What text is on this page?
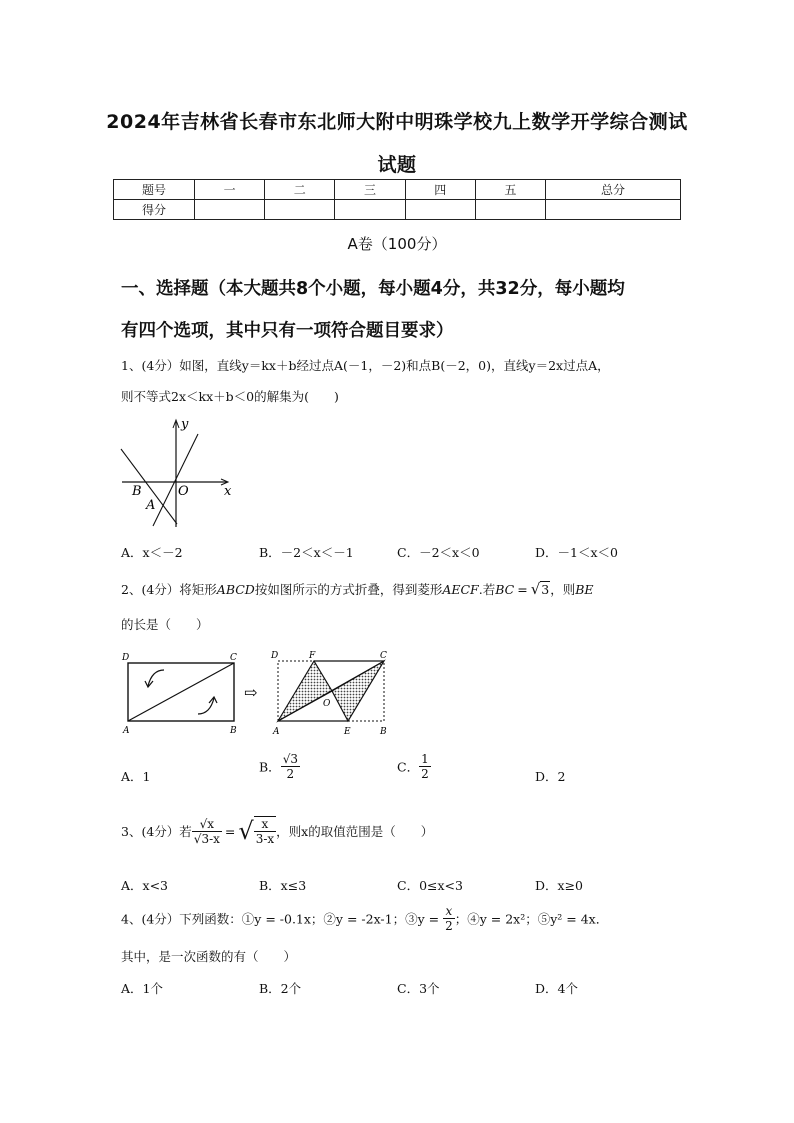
2024年吉林省长春市东北师大附中明珠学校九上数学开学综合测试
试题
题号	一	二	三	四	五	总分
得分						
A卷（100分）
一、选择题（本大题共8个小题，每小题4分，共32分，每小题均
有四个选项，其中只有一项符合题目要求）
1、(4分）如图，直线y＝kx＋b经过点A(－1，－2)和点B(－2，0)，直线y＝2x过点A，
则不等式2x＜kx＋b＜0的解集为(　　)
y
x
B	O
A
A．x＜－2	B．－2＜x＜－1	C．－2＜x＜0	D．－1＜x＜0
2、(4分）将矩形ABCD按如图所示的方式折叠，得到菱形AECF.若BC = √3，则BE
的长是（　　）
D	C
A	B
⇨
D	F	C
O
A	E	B
A．1
B． $\frac{√3}{2}$	C． $\frac{1}{2}$	D．2
3、(4分）若 $\frac{√x}{√3-x}$ = √ $\frac{x}{3-x}$ ，则x的取值范围是（　　）
A．x<3	B．x≤3	C．0≤x<3	D．x≥0
4、(4分）下列函数：①y = -0.1x；②y = -2x-1；③y = $\frac{x}{2}$ ；④y = 2x²；⑤y² = 4x．
其中，是一次函数的有（　　）
A．1个	B．2个	C．3个	D．4个
